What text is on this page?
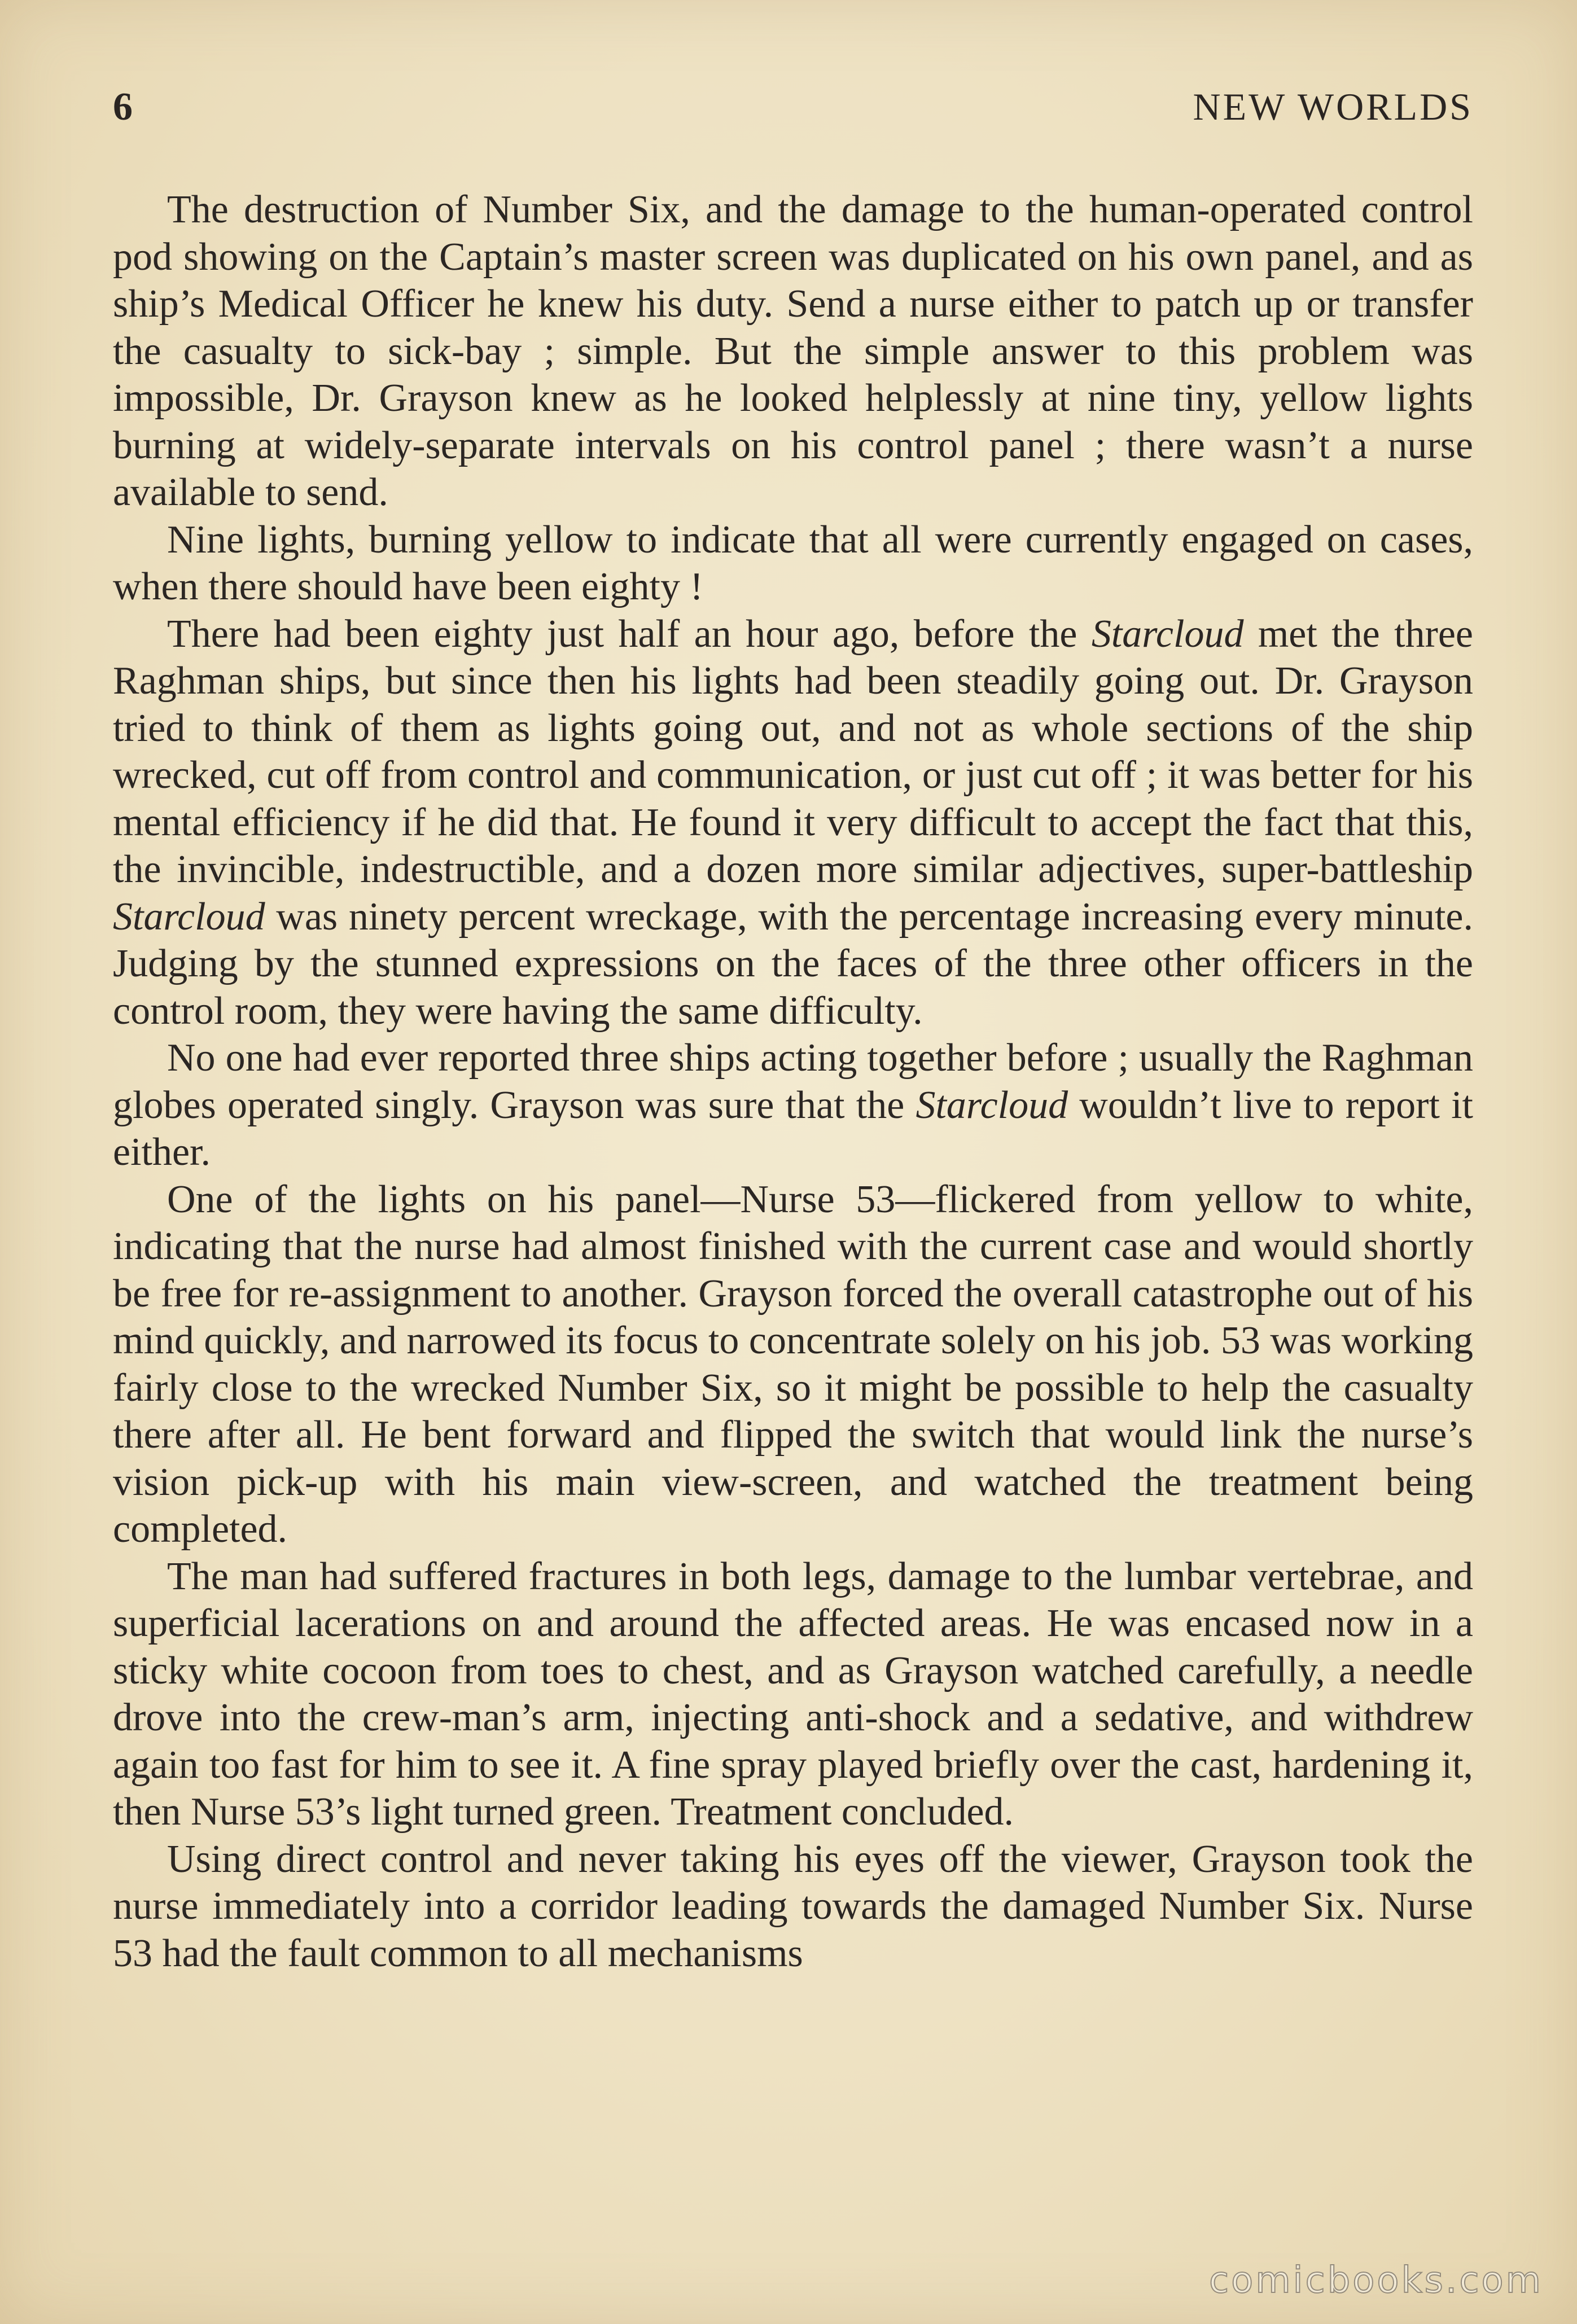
6	NEW WORLDS

The destruction of Number Six, and the damage to the human-operated control pod showing on the Captain’s master screen was duplicated on his own panel, and as ship’s Medical Officer he knew his duty. Send a nurse either to patch up or transfer the casualty to sick-bay ; simple. But the simple answer to this problem was impossible, Dr. Grayson knew as he looked helplessly at nine tiny, yellow lights burning at widely-separate intervals on his control panel ; there wasn’t a nurse available to send.

Nine lights, burning yellow to indicate that all were currently engaged on cases, when there should have been eighty !

There had been eighty just half an hour ago, before the Starcloud met the three Raghman ships, but since then his lights had been steadily going out. Dr. Grayson tried to think of them as lights going out, and not as whole sections of the ship wrecked, cut off from control and communication, or just cut off ; it was better for his mental efficiency if he did that. He found it very difficult to accept the fact that this, the invincible, indestructible, and a dozen more similar adjectives, super-battleship Starcloud was ninety percent wreckage, with the percentage increasing every minute. Judging by the stunned expressions on the faces of the three other officers in the control room, they were having the same difficulty.

No one had ever reported three ships acting together before ; usually the Raghman globes operated singly. Grayson was sure that the Starcloud wouldn’t live to report it either.

One of the lights on his panel—Nurse 53—flickered from yellow to white, indicating that the nurse had almost finished with the current case and would shortly be free for re-assignment to another. Grayson forced the overall catastrophe out of his mind quickly, and narrowed its focus to concentrate solely on his job. 53 was working fairly close to the wrecked Number Six, so it might be possible to help the casualty there after all. He bent forward and flipped the switch that would link the nurse’s vision pick-up with his main view-screen, and watched the treatment being completed.

The man had suffered fractures in both legs, damage to the lumbar vertebrae, and superficial lacerations on and around the affected areas. He was encased now in a sticky white cocoon from toes to chest, and as Grayson watched carefully, a needle drove into the crew-man’s arm, injecting anti-shock and a sedative, and withdrew again too fast for him to see it. A fine spray played briefly over the cast, hardening it, then Nurse 53’s light turned green. Treatment concluded.

Using direct control and never taking his eyes off the viewer, Grayson took the nurse immediately into a corridor leading towards the damaged Number Six. Nurse 53 had the fault common to all mechanisms

comicbooks.com
